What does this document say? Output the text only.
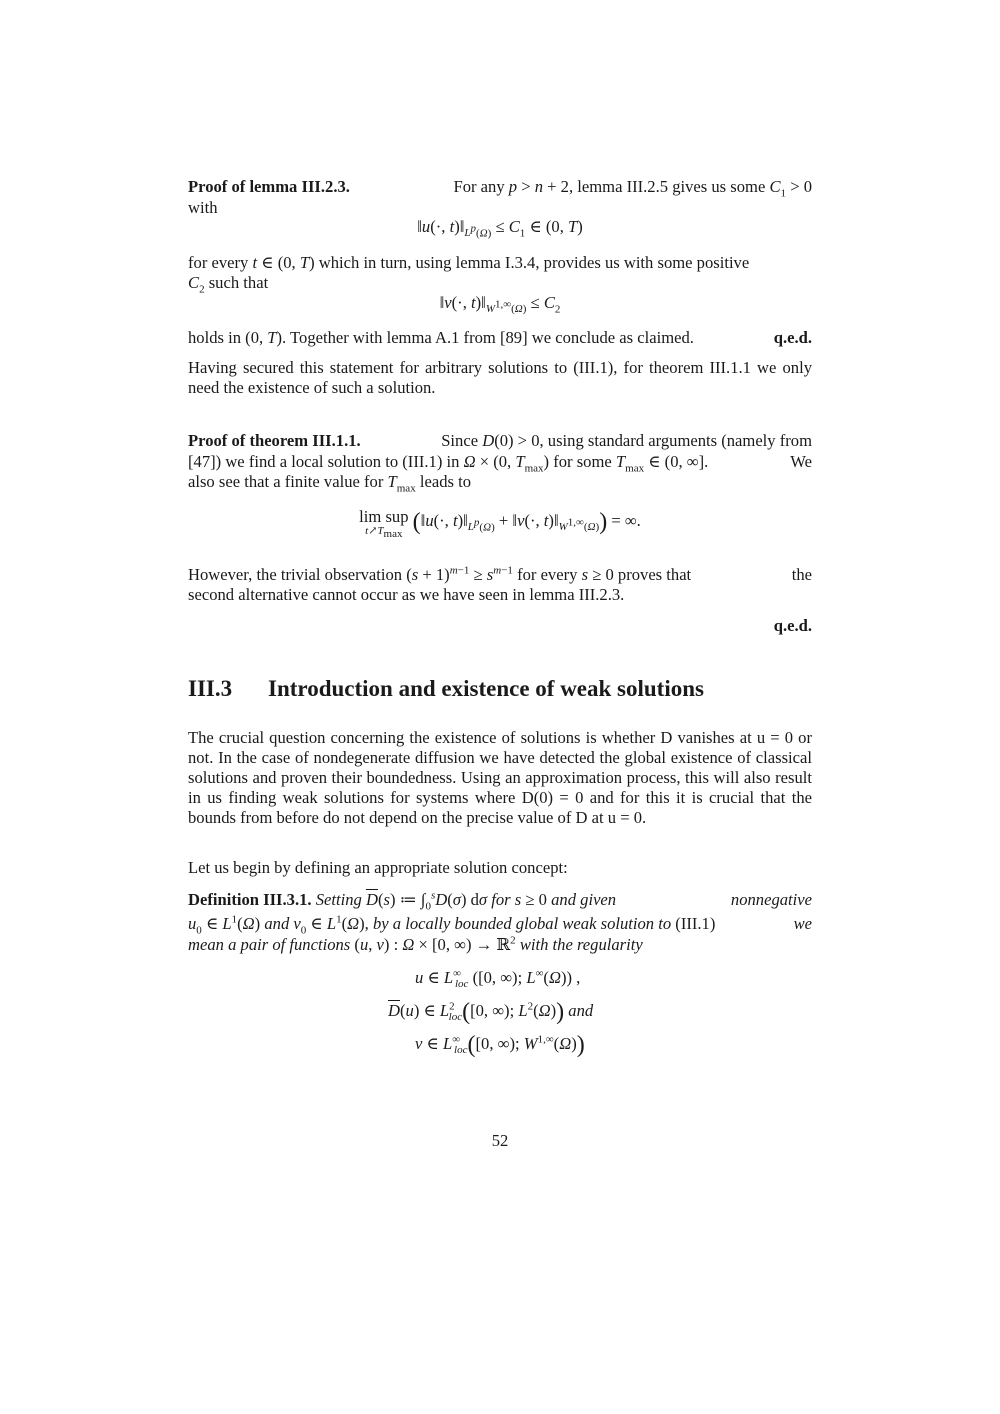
Proof of lemma III.2.3.	For any p > n + 2, lemma III.2.5 gives us some $C_1 > 0$
with
‖u(·, $t)‖_{L^p(\Omega)} \le C_1$ ∈ (0, T)
for every t ∈ (0, T) which in turn, using lemma I.3.4, provides us with some positive
$C_2$ such that
‖v(·, $t)‖_{W^{1,\infty}(\Omega)} \le C_2$
holds in (0, T). Together with lemma A.1 from [89] we conclude as claimed.	q.e.d.
Having secured this statement for arbitrary solutions to (III.1), for theorem III.1.1 we only need the existence of such a solution.
Proof of theorem III.1.1.	Since D(0) > 0, using standard arguments (namely from
[47]) we find a local solution to (III.1) in Ω × (0, $T_{max}$) for some $T_{max}$ ∈ (0, ∞].	We
also see that a finite value for $T_{max}$ leads to
lim sup
$t↗T_{max}$ (‖u(·, $t)‖_{L^p(\Omega)}$ + ‖v(·, $t)‖_{W^{1,\infty}(\Omega)}$) = ∞.
However, the trivial observation $(s + 1)^{m-1} \ge s^{m-1}$ for every s ≥ 0 proves that	the
second alternative cannot occur as we have seen in lemma III.2.3.
q.e.d.
III.3 Introduction and existence of weak solutions
The crucial question concerning the existence of solutions is whether D vanishes at u = 0 or not. In the case of nondegenerate diffusion we have detected the global existence of classical solutions and proven their boundedness. Using an approximation process, this will also result in us finding weak solutions for systems where D(0) = 0 and for this it is crucial that the bounds from before do not depend on the precise value of D at u = 0.
Let us begin by defining an appropriate solution concept:
Definition III.3.1. Setting $\overline{D}(s)$ ≔ $\int_0^sD(\sigma)$ dσ for s ≥ 0 and given	nonnegative
$u_0$ ∈ $L^1(\Omega)$ and $v_0$ ∈ $L^1(\Omega)$, by a locally bounded global weak solution to (III.1)	we
mean a pair of functions (u, v) : Ω × [0, ∞) → ℝ$^2$ with the regularity
u ∈ $L^\infty_{loc}$ ([0, ∞); L∞(Ω)) ,
$\overline{D}(u)$ ∈ $L^2_{loc}([0$, ∞); $L^2(\Omega)$) and
v ∈ $L^\infty_{loc}([0$, ∞); $W^{1,\infty}(\Omega)$)
52
